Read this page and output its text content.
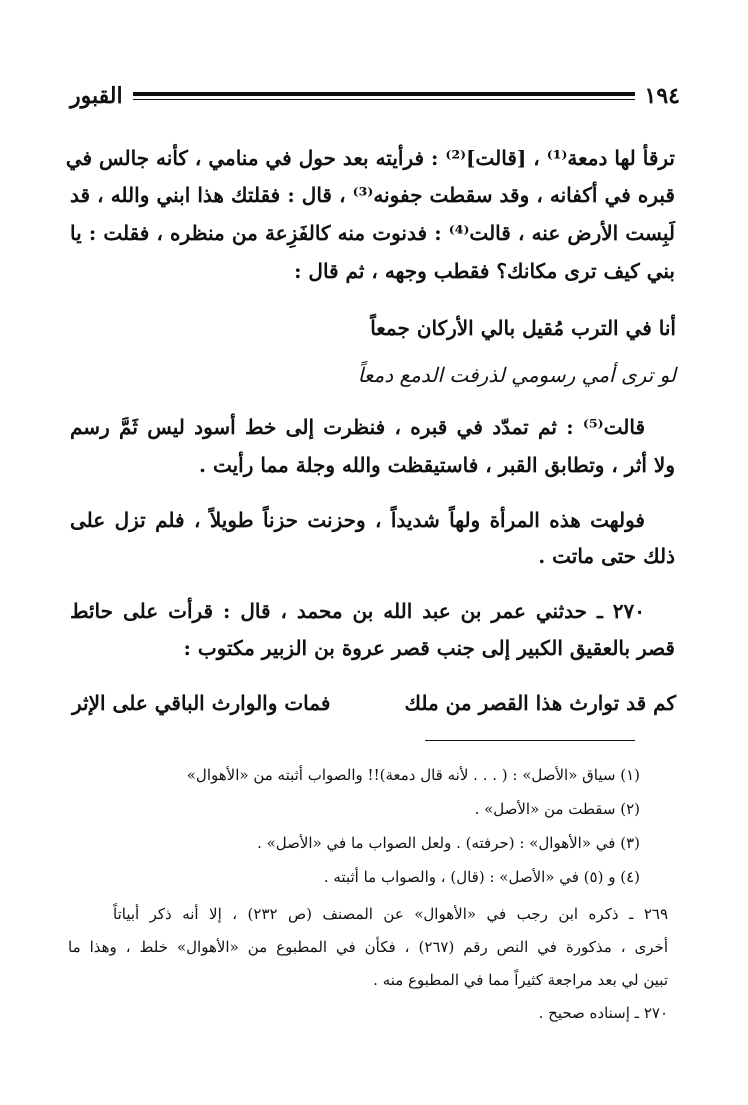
١٩٤
القبور
ترقأ لها دمعة⁽¹⁾ ، [قالت]⁽²⁾ : فرأيته بعد حول في منامي ، كأنه جالس في
قبره في أكفانه ، وقد سقطت جفونه⁽³⁾ ، قال : فقلتك هذا ابني والله ، قد
لَبِست الأرض عنه ، قالت⁽⁴⁾ : فدنوت منه كالفَزِعة من منظره ، فقلت : يا
بني كيف ترى مكانك؟ فقطب وجهه ، ثم قال :
أنا في الترب مُقيل بالي الأركان جمعاً
لو ترى أمي رسومي لذرفت الدمع دمعاً
قالت⁽⁵⁾ : ثم تمدّد في قبره ، فنظرت إلى خط أسود ليس ثَمَّ رسم
ولا أثر ، وتطابق القبر ، فاستيقظت والله وجلة مما رأيت .
فولهت هذه المرأة ولهاً شديداً ، وحزنت حزناً طويلاً ، فلم تزل على
ذلك حتى ماتت .
٢٧٠ ـ حدثني عمر بن عبد الله بن محمد ، قال : قرأت على حائط
قصر بالعقيق الكبير إلى جنب قصر عروة بن الزبير مكتوب :
كم قد توارث هذا القصر من ملك
فمات والوارث الباقي على الإثر
(١) سياق «الأصل» : ( . . . لأنه قال دمعة)!! والصواب أثبته من «الأهوال»
(٢) سقطت من «الأصل» .
(٣) في «الأهوال» : (حرفته) . ولعل الصواب ما في «الأصل» .
(٤) و (٥) في «الأصل» : (قال) ، والصواب ما أثبته .
٢٦٩ ـ ذكره ابن رجب في «الأهوال» عن المصنف (ص ٢٣٢) ، إلا أنه ذكر أبياتاً
أخرى ، مذكورة في النص رقم (٢٦٧) ، فكأن في المطبوع من «الأهوال» خلط ، وهذا ما
تبين لي بعد مراجعة كثيراً مما في المطبوع منه .
٢٧٠ ـ إسناده صحيح .
